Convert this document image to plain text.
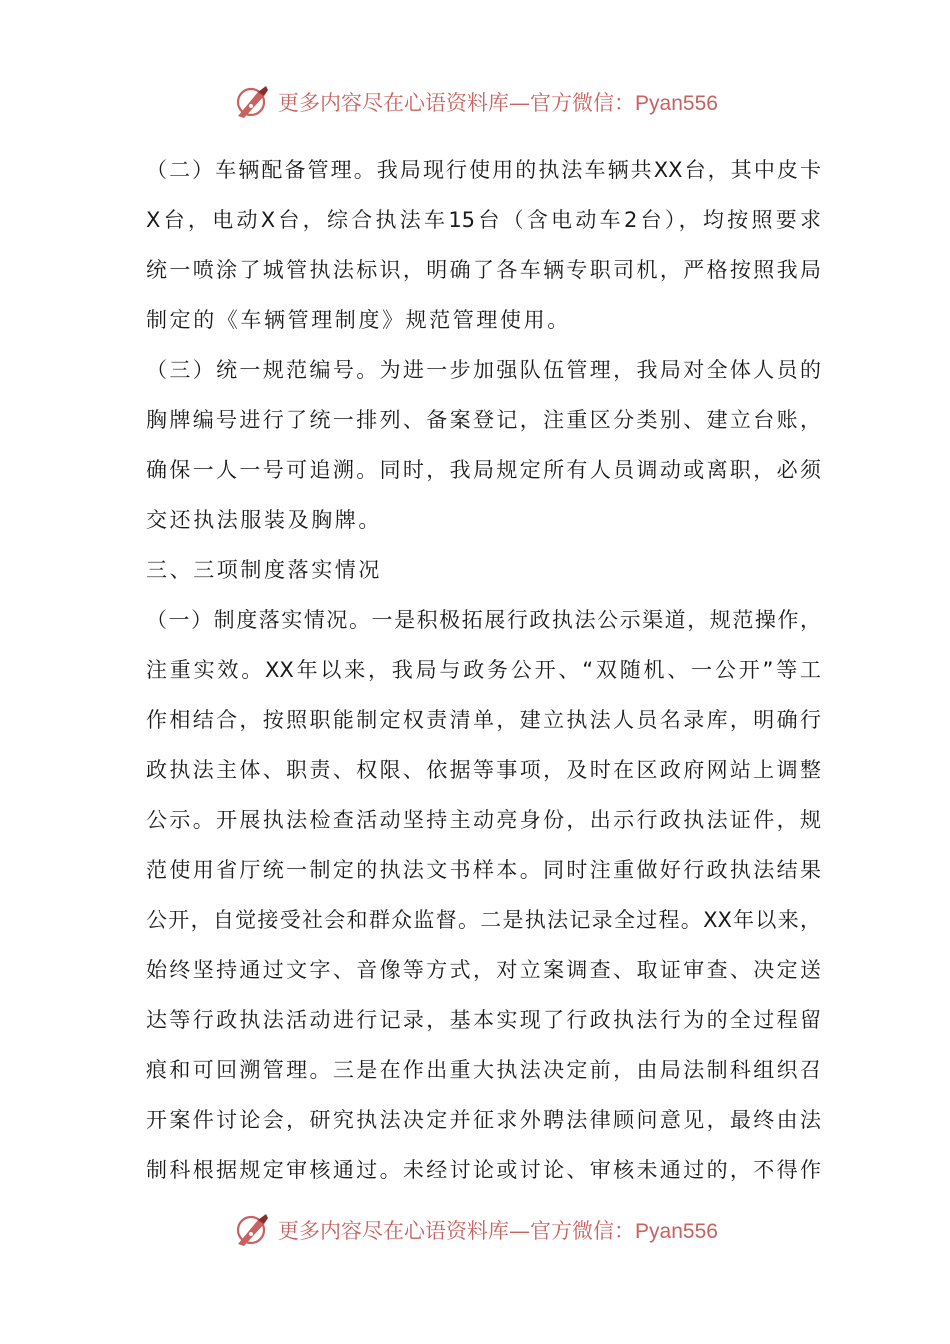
更多内容尽在心语资料库—官方微信：Pyan556
（二）车辆配备管理。我局现行使用的执法车辆共XX台，其中皮卡
X台，电动X台，综合执法车15台（含电动车2台），均按照要求
统一喷涂了城管执法标识，明确了各车辆专职司机，严格按照我局
制定的《车辆管理制度》规范管理使用。
（三）统一规范编号。为进一步加强队伍管理，我局对全体人员的
胸牌编号进行了统一排列、备案登记，注重区分类别、建立台账，
确保一人一号可追溯。同时，我局规定所有人员调动或离职，必须
交还执法服装及胸牌。
三、三项制度落实情况
（一）制度落实情况。一是积极拓展行政执法公示渠道，规范操作，
注重实效。XX年以来，我局与政务公开、“双随机、一公开”等工
作相结合，按照职能制定权责清单，建立执法人员名录库，明确行
政执法主体、职责、权限、依据等事项，及时在区政府网站上调整
公示。开展执法检查活动坚持主动亮身份，出示行政执法证件，规
范使用省厅统一制定的执法文书样本。同时注重做好行政执法结果
公开，自觉接受社会和群众监督。二是执法记录全过程。XX年以来，
始终坚持通过文字、音像等方式，对立案调查、取证审查、决定送
达等行政执法活动进行记录，基本实现了行政执法行为的全过程留
痕和可回溯管理。三是在作出重大执法决定前，由局法制科组织召
开案件讨论会，研究执法决定并征求外聘法律顾问意见，最终由法
制科根据规定审核通过。未经讨论或讨论、审核未通过的，不得作
更多内容尽在心语资料库—官方微信：Pyan556
